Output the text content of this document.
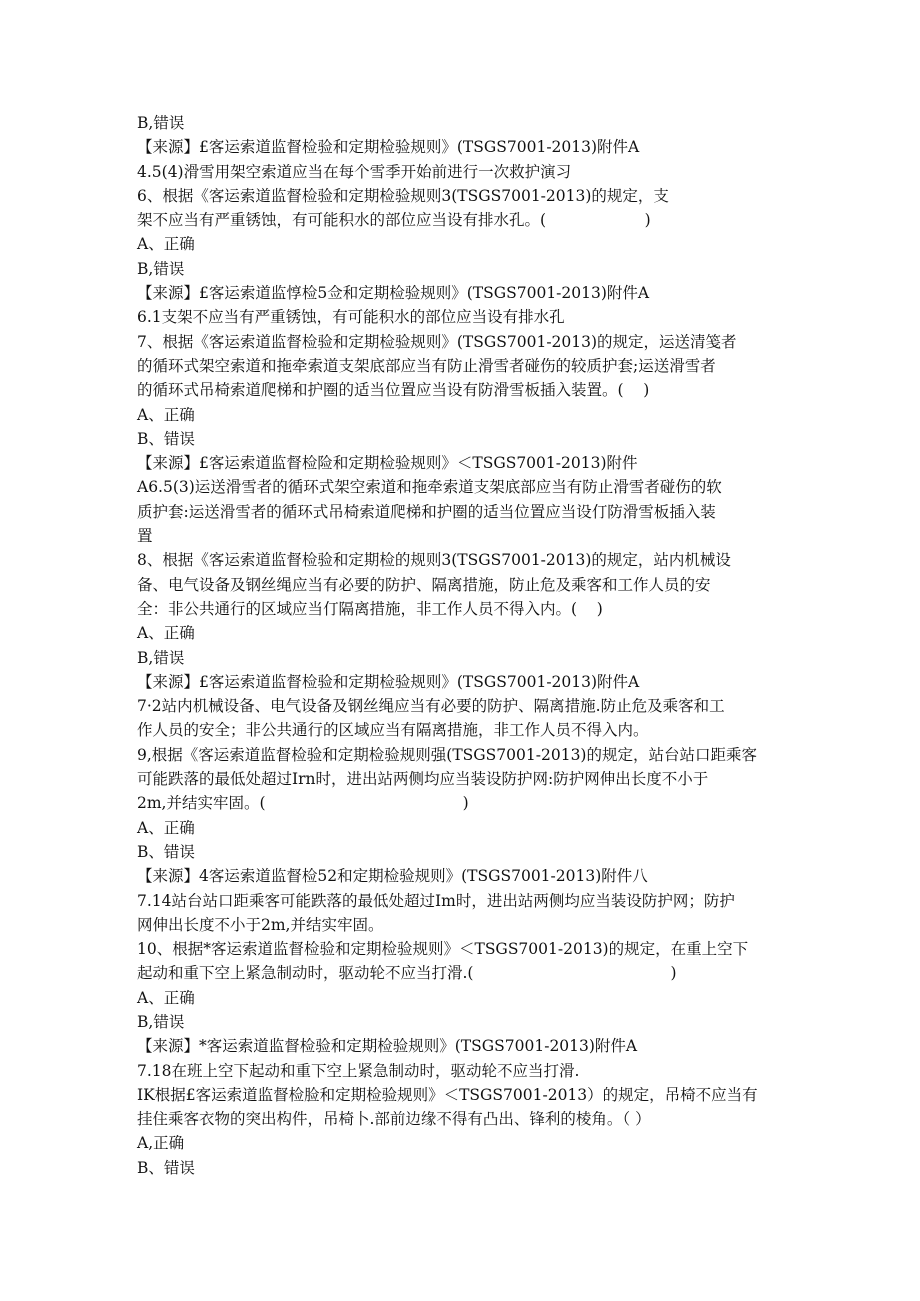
B,错误
【来源】£客运索道监督检验和定期检验规则》(TSGS7001-2013)附件A
4.5(4)滑雪用架空索道应当在每个雪季开始前进行一次救护演习
6、根据《客运索道监督检验和定期检验规则3(TSGS7001-2013)的规定，支
架不应当有严重锈蚀，有可能积水的部位应当设有排水孔。(                    )
A、正确
B,错误
【来源】£客运索道监惇检5佥和定期检验规则》(TSGS7001-2013)附件A
6.1支架不应当有严重锈蚀，有可能积水的部位应当设有排水孔
7、根据《客运索道监督检验和定期检验规则》(TSGS7001-2013)的规定，运送清笺者
的循环式架空索道和拖牵索道支架底部应当有防止滑雪者碰伤的较质护套;运送滑雪者
的循环式吊椅索道爬梯和护圈的适当位置应当设有防滑雪板插入装置。(    )
A、正确
B、错误
【来源】£客运索道监督检险和定期检验规则》＜TSGS7001-2013)附件
A6.5(3)运送滑雪者的循环式架空索道和拖牵索道支架底部应当有防止滑雪者碰伤的软
质护套:运送滑雪者的循环式吊椅索道爬梯和护圈的适当位置应当设仃防滑雪板插入装
置
8、根据《客运索道监督检验和定期检的规则3(TSGS7001-2013)的规定，站内机械设
备、电气设备及钢丝绳应当有必要的防护、隔离措施，防止危及乘客和工作人员的安
全：非公共通行的区域应当仃隔离措施，非工作人员不得入内。(    )
A、正确
B,错误
【来源】£客运索道监督检验和定期检验规则》(TSGS7001-2013)附件A
7·2站内机械设备、电气设备及钢丝绳应当有必要的防护、隔离措施.防止危及乘客和工
作人员的安全；非公共通行的区域应当有隔离措施，非工作人员不得入内。
9,根据《客运索道监督检验和定期检验规则强(TSGS7001-2013)的规定，站台站口距乘客
可能跌落的最低处超过Irn时，进出站两侧均应当装设防护网:防护网伸出长度不小于
2m,并结实牢固。(                                        )
A、正确
B、错误
【来源】4客运索道监督检52和定期检验规则》(TSGS7001-2013)附件八
7.14站台站口距乘客可能跌落的最低处超过Im时，进出站两侧均应当装设防护网；防护
网伸出长度不小于2m,并结实牢固。
10、根据*客运索道监督检验和定期检验规则》＜TSGS7001-2013)的规定，在重上空下
起动和重下空上紧急制动时，驱动轮不应当打滑.(                                        )
A、正确
B,错误
【来源】*客运索道监督检验和定期检验规则》(TSGS7001-2013)附件A
7.18在班上空下起动和重下空上紧急制动时，驱动轮不应当打滑.
IK根据£客运索道监督检脸和定期检验规则》＜TSGS7001-2013）的规定，吊椅不应当有
挂住乘客衣物的突出构件，吊椅卜.部前边缘不得有凸出、锋利的棱角。（ ）
A,正确
B、错误
